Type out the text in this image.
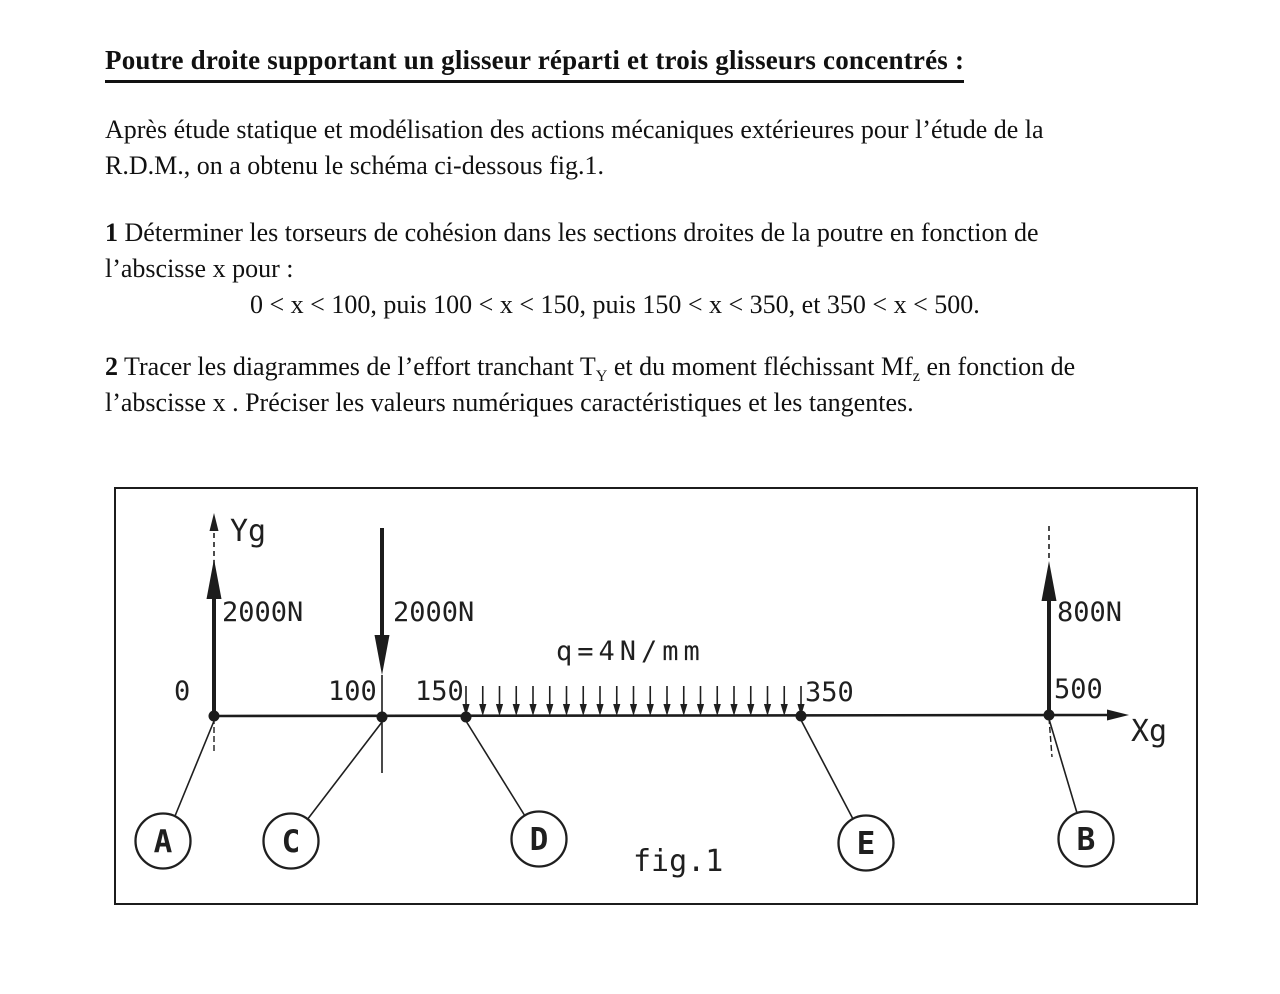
Poutre droite supportant un glisseur réparti et trois glisseurs concentrés :
Après étude statique et modélisation des actions mécaniques extérieures pour l’étude de la
R.D.M., on a obtenu le schéma ci-dessous fig.1.
1 Déterminer les torseurs de cohésion dans les sections droites de la poutre en fonction de
l’abscisse x pour :
0 < x < 100, puis 100 < x < 150, puis 150 < x < 350, et 350 < x < 500.
2 Tracer les diagrammes de l’effort tranchant $T_Y$ et du moment fléchissant $Mf_z$ en fonction de
l’abscisse x . Préciser les valeurs numériques caractéristiques et les tangentes.
Xg
Yg
2000N
0
2000N
100
q=4N/mm
150	350
800N
500
A	C	D	E	B
fig.1
